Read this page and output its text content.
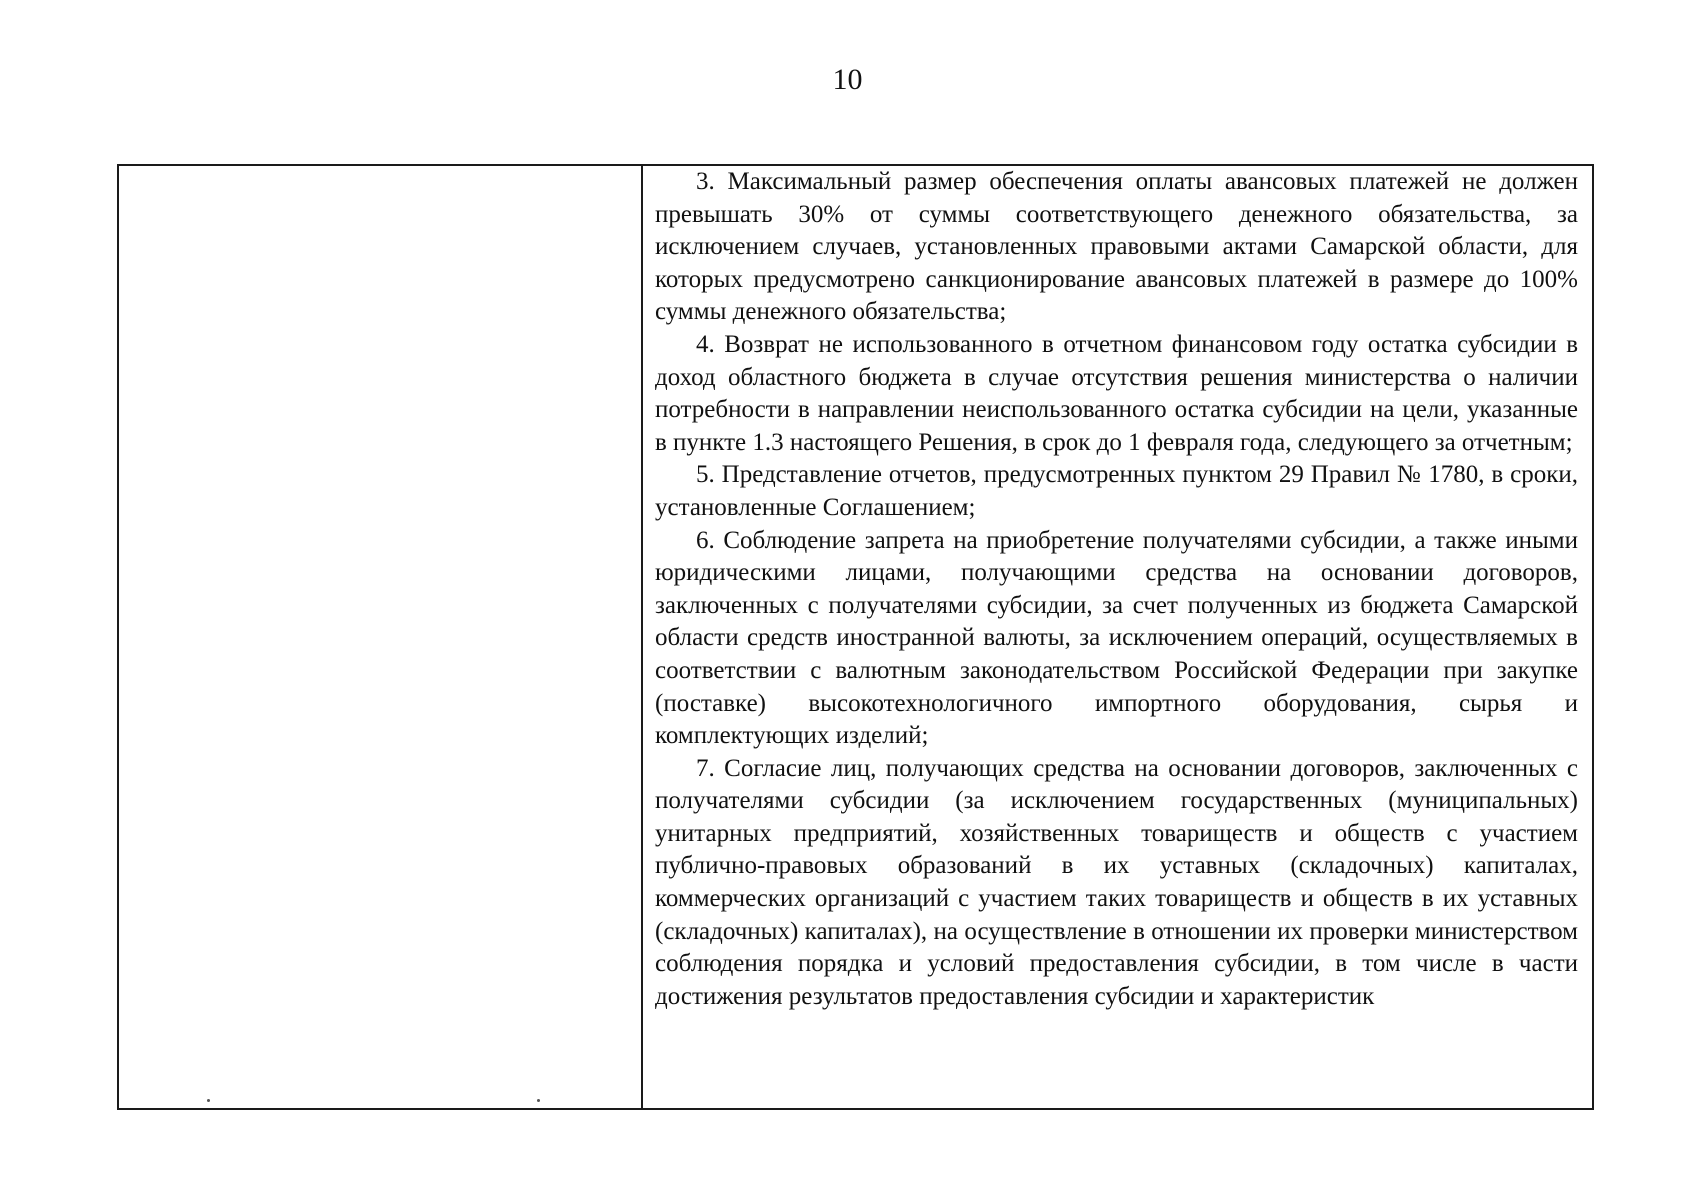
10

3. Максимальный размер обеспечения оплаты авансовых платежей не должен превышать 30% от суммы соответствующего денежного обязательства, за исключением случаев, установленных правовыми актами Самарской области, для которых предусмотрено санкционирование авансовых платежей в размере до 100% суммы денежного обязательства;

4. Возврат не использованного в отчетном финансовом году остатка субсидии в доход областного бюджета в случае отсутствия решения министерства о наличии потребности в направлении неиспользованного остатка субсидии на цели, указанные в пункте 1.3 настоящего Решения, в срок до 1 февраля года, следующего за отчетным;

5. Представление отчетов, предусмотренных пунктом 29 Правил № 1780, в сроки, установленные Соглашением;

6. Соблюдение запрета на приобретение получателями субсидии, а также иными юридическими лицами, получающими средства на основании договоров, заключенных с получателями субсидии, за счет полученных из бюджета Самарской области средств иностранной валюты, за исключением операций, осуществляемых в соответствии с валютным законодательством Российской Федерации при закупке (поставке) высокотехнологичного импортного оборудования, сырья и комплектующих изделий;

7. Согласие лиц, получающих средства на основании договоров, заключенных с получателями субсидии (за исключением государственных (муниципальных) унитарных предприятий, хозяйственных товариществ и обществ с участием публично-правовых образований в их уставных (складочных) капиталах, коммерческих организаций с участием таких товариществ и обществ в их уставных (складочных) капиталах), на осуществление в отношении их проверки министерством соблюдения порядка и условий предоставления субсидии, в том числе в части достижения результатов предоставления субсидии и характеристик
